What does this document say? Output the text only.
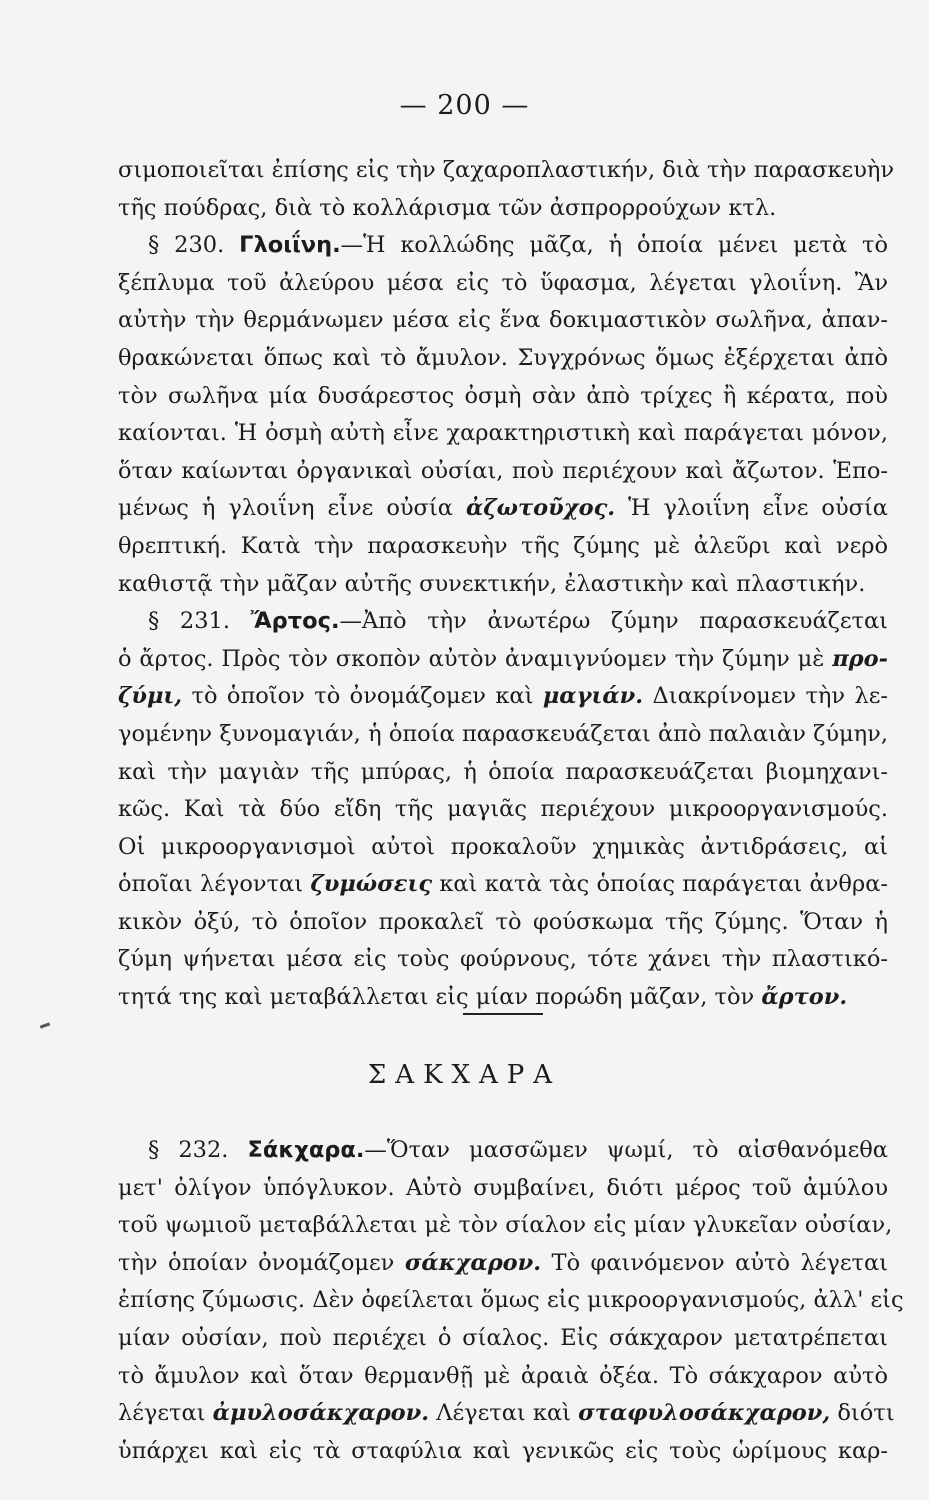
— 200 —
σιμοποιεῖται ἐπίσης εἰς τὴν ζαχαροπλαστικήν, διὰ τὴν παρασκευὴν
τῆς πούδρας, διὰ τὸ κολλάρισμα τῶν ἀσπρορρούχων κτλ.
§ 230. Γλοιΐνη.—Ἡ κολλώδης μᾶζα, ἡ ὁποία μένει μετὰ τὸ
ξέπλυμα τοῦ ἀλεύρου μέσα εἰς τὸ ὕφασμα, λέγεται γλοιΐνη. Ἂν
αὐτὴν τὴν θερμάνωμεν μέσα εἰς ἕνα δοκιμαστικὸν σωλῆνα, ἀπαν-
θρακώνεται ὅπως καὶ τὸ ἄμυλον. Συγχρόνως ὅμως ἐξέρχεται ἀπὸ
τὸν σωλῆνα μία δυσάρεστος ὀσμὴ σὰν ἀπὸ τρίχες ἢ κέρατα, ποὺ
καίονται. Ἡ ὀσμὴ αὐτὴ εἶνε χαρακτηριστικὴ καὶ παράγεται μόνον,
ὅταν καίωνται ὀργανικαὶ οὐσίαι, ποὺ περιέχουν καὶ ἄζωτον. Ἑπο-
μένως ἡ γλοιΐνη εἶνε οὐσία ἀζωτοῦχος. Ἡ γλοιΐνη εἶνε οὐσία
θρεπτική. Κατὰ τὴν παρασκευὴν τῆς ζύμης μὲ ἀλεῦρι καὶ νερὸ
καθιστᾷ τὴν μᾶζαν αὐτῆς συνεκτικήν, ἐλαστικὴν καὶ πλαστικήν.
§ 231. Ἄρτος.—Ἀπὸ τὴν ἀνωτέρω ζύμην παρασκευάζεται
ὁ ἄρτος. Πρὸς τὸν σκοπὸν αὐτὸν ἀναμιγνύομεν τὴν ζύμην μὲ προ-
ζύμι, τὸ ὁποῖον τὸ ὀνομάζομεν καὶ μαγιάν. Διακρίνομεν τὴν λε-
γομένην ξυνομαγιάν, ἡ ὁποία παρασκευάζεται ἀπὸ παλαιὰν ζύμην,
καὶ τὴν μαγιὰν τῆς μπύρας, ἡ ὁποία παρασκευάζεται βιομηχανι-
κῶς. Καὶ τὰ δύο εἴδη τῆς μαγιᾶς περιέχουν μικροοργανισμούς.
Οἱ μικροοργανισμοὶ αὐτοὶ προκαλοῦν χημικὰς ἀντιδράσεις, αἱ
ὁποῖαι λέγονται ζυμώσεις καὶ κατὰ τὰς ὁποίας παράγεται ἀνθρα-
κικὸν ὀξύ, τὸ ὁποῖον προκαλεῖ τὸ φούσκωμα τῆς ζύμης. Ὅταν ἡ
ζύμη ψήνεται μέσα εἰς τοὺς φούρνους, τότε χάνει τὴν πλαστικό-
τητά της καὶ μεταβάλλεται εἰς μίαν πορώδη μᾶζαν, τὸν ἄρτον.
ΣΑΚΧΑΡΑ
§ 232. Σάκχαρα.—Ὅταν μασσῶμεν ψωμί, τὸ αἰσθανόμεθα
μετ' ὀλίγον ὑπόγλυκον. Αὐτὸ συμβαίνει, διότι μέρος τοῦ ἀμύλου
τοῦ ψωμιοῦ μεταβάλλεται μὲ τὸν σίαλον εἰς μίαν γλυκεῖαν οὐσίαν,
τὴν ὁποίαν ὀνομάζομεν σάκχαρον. Τὸ φαινόμενον αὐτὸ λέγεται
ἐπίσης ζύμωσις. Δὲν ὀφείλεται ὅμως εἰς μικροοργανισμούς, ἀλλ' εἰς
μίαν οὐσίαν, ποὺ περιέχει ὁ σίαλος. Εἰς σάκχαρον μετατρέπεται
τὸ ἄμυλον καὶ ὅταν θερμανθῇ μὲ ἀραιὰ ὀξέα. Τὸ σάκχαρον αὐτὸ
λέγεται ἀμυλοσάκχαρον. Λέγεται καὶ σταφυλοσάκχαρον, διότι
ὑπάρχει καὶ εἰς τὰ σταφύλια καὶ γενικῶς εἰς τοὺς ὡρίμους καρ-
